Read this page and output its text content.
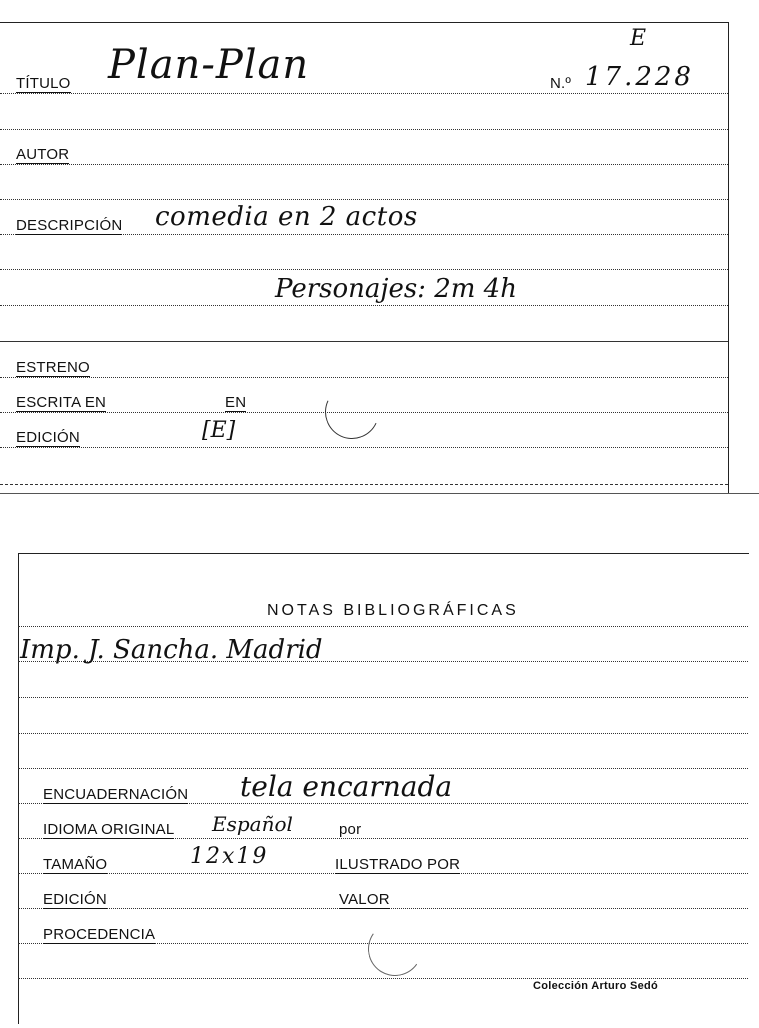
TÍTULO Plan-Plan	N.º 17.228
E
AUTOR
DESCRIPCIÓN comedia en 2 actos
Personajes: 2m 4h
ESTRENO
ESCRITA EN	EN
EDICIÓN	[E]
NOTAS BIBLIOGRÁFICAS
Imp. J. Sancha. Madrid
ENCUADERNACIÓN tela encarnada
IDIOMA ORIGINAL Español	por
TAMAÑO	12x19	ILUSTRADO POR
EDICIÓN	VALOR
PROCEDENCIA
Colección Arturo Sedó
